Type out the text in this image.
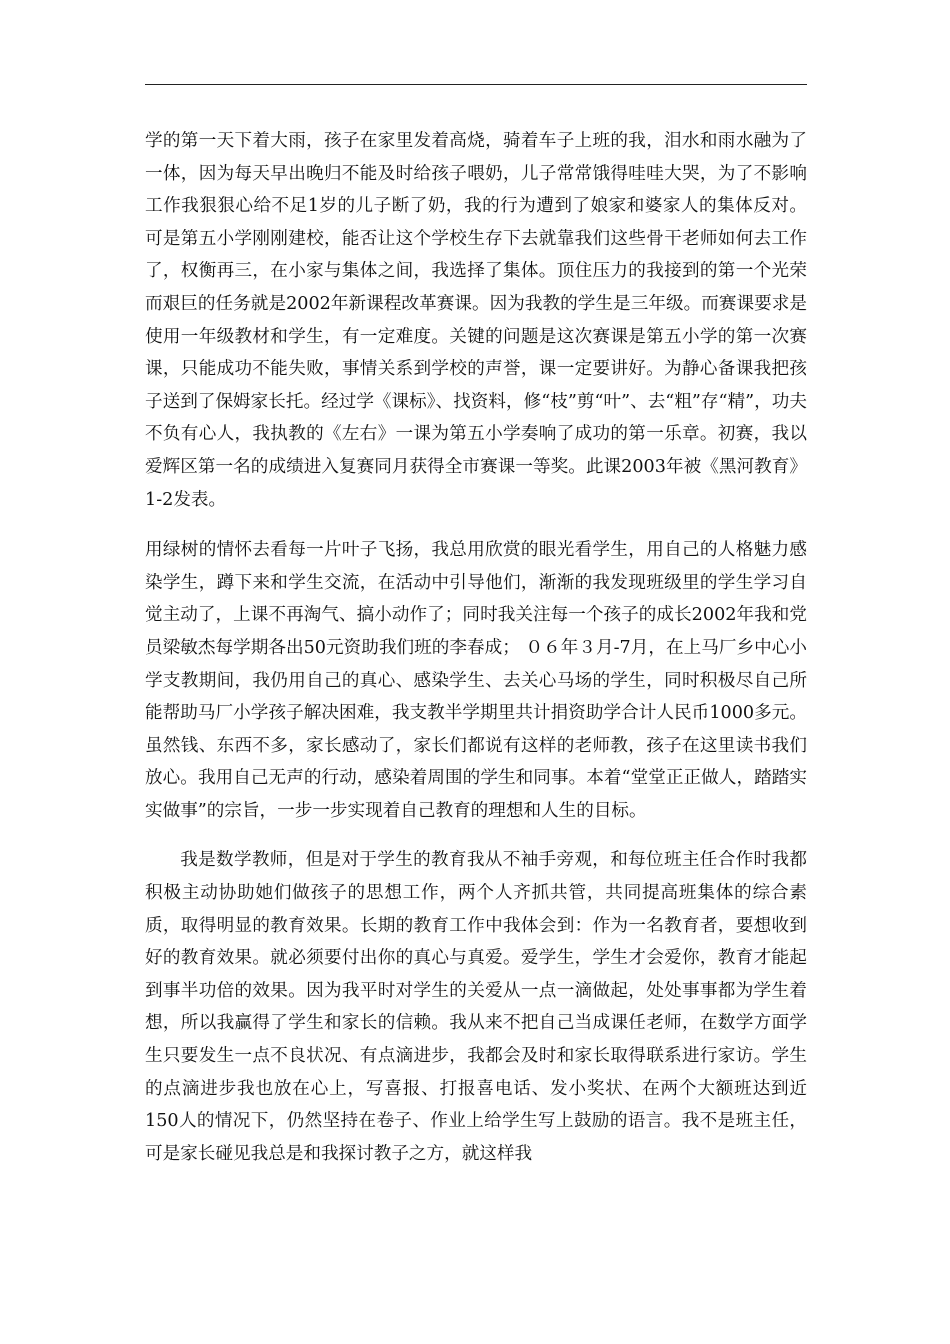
学的第一天下着大雨，孩子在家里发着高烧，骑着车子上班的我，泪水和雨水融为了一体，因为每天早出晚归不能及时给孩子喂奶，儿子常常饿得哇哇大哭，为了不影响工作我狠狠心给不足1岁的儿子断了奶，我的行为遭到了娘家和婆家人的集体反对。可是第五小学刚刚建校，能否让这个学校生存下去就靠我们这些骨干老师如何去工作了，权衡再三，在小家与集体之间，我选择了集体。顶住压力的我接到的第一个光荣而艰巨的任务就是2002年新课程改革赛课。因为我教的学生是三年级。而赛课要求是使用一年级教材和学生，有一定难度。关键的问题是这次赛课是第五小学的第一次赛课，只能成功不能失败，事情关系到学校的声誉，课一定要讲好。为静心备课我把孩子送到了保姆家长托。经过学《课标》、找资料，修“枝”剪“叶”、去“粗”存“精”，功夫不负有心人，我执教的《左右》一课为第五小学奏响了成功的第一乐章。初赛，我以爱辉区第一名的成绩进入复赛同月获得全市赛课一等奖。此课2003年被《黑河教育》1-2发表。

用绿树的情怀去看每一片叶子飞扬，我总用欣赏的眼光看学生，用自己的人格魅力感染学生，蹲下来和学生交流，在活动中引导他们，渐渐的我发现班级里的学生学习自觉主动了，上课不再淘气、搞小动作了；同时我关注每一个孩子的成长2002年我和党员梁敏杰每学期各出50元资助我们班的李春成； ０６年３月-7月，在上马厂乡中心小学支教期间，我仍用自己的真心、感染学生、去关心马场的学生，同时积极尽自己所能帮助马厂小学孩子解决困难，我支教半学期里共计捐资助学合计人民币1000多元。虽然钱、东西不多，家长感动了，家长们都说有这样的老师教，孩子在这里读书我们放心。我用自己无声的行动，感染着周围的学生和同事。本着“堂堂正正做人，踏踏实实做事”的宗旨，一步一步实现着自己教育的理想和人生的目标。

我是数学教师，但是对于学生的教育我从不袖手旁观，和每位班主任合作时我都积极主动协助她们做孩子的思想工作，两个人齐抓共管，共同提高班集体的综合素质，取得明显的教育效果。长期的教育工作中我体会到：作为一名教育者，要想收到好的教育效果。就必须要付出你的真心与真爱。爱学生，学生才会爱你，教育才能起到事半功倍的效果。因为我平时对学生的关爱从一点一滴做起，处处事事都为学生着想，所以我赢得了学生和家长的信赖。我从来不把自己当成课任老师，在数学方面学生只要发生一点不良状况、有点滴进步，我都会及时和家长取得联系进行家访。学生的点滴进步我也放在心上，写喜报、打报喜电话、发小奖状、在两个大额班达到近150人的情况下，仍然坚持在卷子、作业上给学生写上鼓励的语言。我不是班主任，可是家长碰见我总是和我探讨教子之方，就这样我
